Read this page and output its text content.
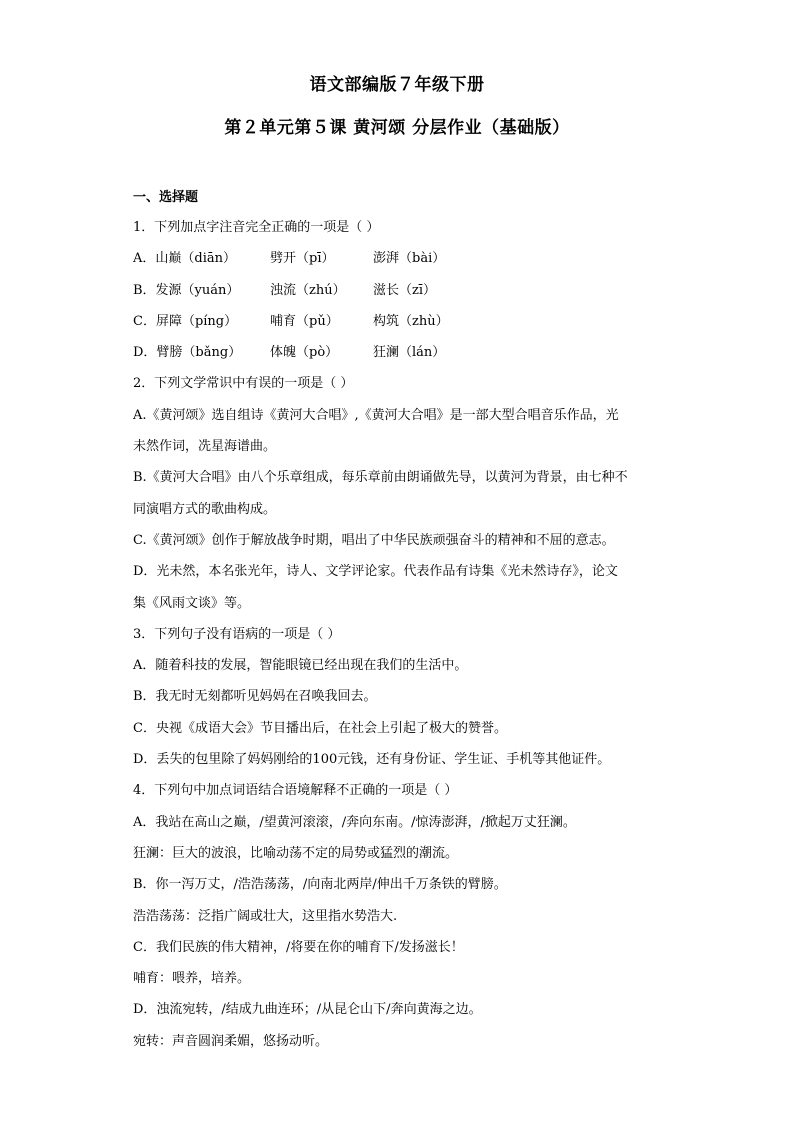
语文部编版７年级下册
第２单元第５课 黄河颂 分层作业（基础版）
一、选择题
1．下列加点字注音完全正确的一项是（ ）
A．山巅（diān）	劈开（pī）	澎湃（bài）
B．发源（yuán） 浊流（zhú） 滋长（zī）
C．屏障（píng）	哺育（pǔ）	构筑（zhù）
D．臂膀（bǎng） 体魄（pò）	狂澜（lán）
2．下列文学常识中有误的一项是（ ）
A.《黄河颂》选自组诗《黄河大合唱》,《黄河大合唱》是一部大型合唱音乐作品，光
未然作词，冼星海谱曲。
B.《黄河大合唱》由八个乐章组成，每乐章前由朗诵做先导，以黄河为背景，由七种不
同演唱方式的歌曲构成。
C.《黄河颂》创作于解放战争时期，唱出了中华民族顽强奋斗的精神和不屈的意志。
D．光未然，本名张光年，诗人、文学评论家。代表作品有诗集《光未然诗存》，论文
集《风雨文谈》等。
3．下列句子没有语病的一项是（ ）
A．随着科技的发展，智能眼镜已经出现在我们的生活中。
B．我无时无刻都听见妈妈在召唤我回去。
C．央视《成语大会》节目播出后，在社会上引起了极大的赞誉。
D．丢失的包里除了妈妈刚给的100元钱，还有身份证、学生证、手机等其他证件。
4．下列句中加点词语结合语境解释不正确的一项是（ ）
A．我站在高山之巅，/望黄河滚滚，/奔向东南。/惊涛澎湃，/掀起万丈狂澜。
狂澜：巨大的波浪，比喻动荡不定的局势或猛烈的潮流。
B．你一泻万丈，/浩浩荡荡，/向南北两岸/伸出千万条铁的臂膀。
浩浩荡荡：泛指广阔或壮大，这里指水势浩大.
C．我们民族的伟大精神，/将要在你的哺育下/发扬滋长！
哺育：喂养，培养。
D．浊流宛转，/结成九曲连环；/从昆仑山下/奔向黄海之边。
宛转：声音圆润柔媚，悠扬动听。
